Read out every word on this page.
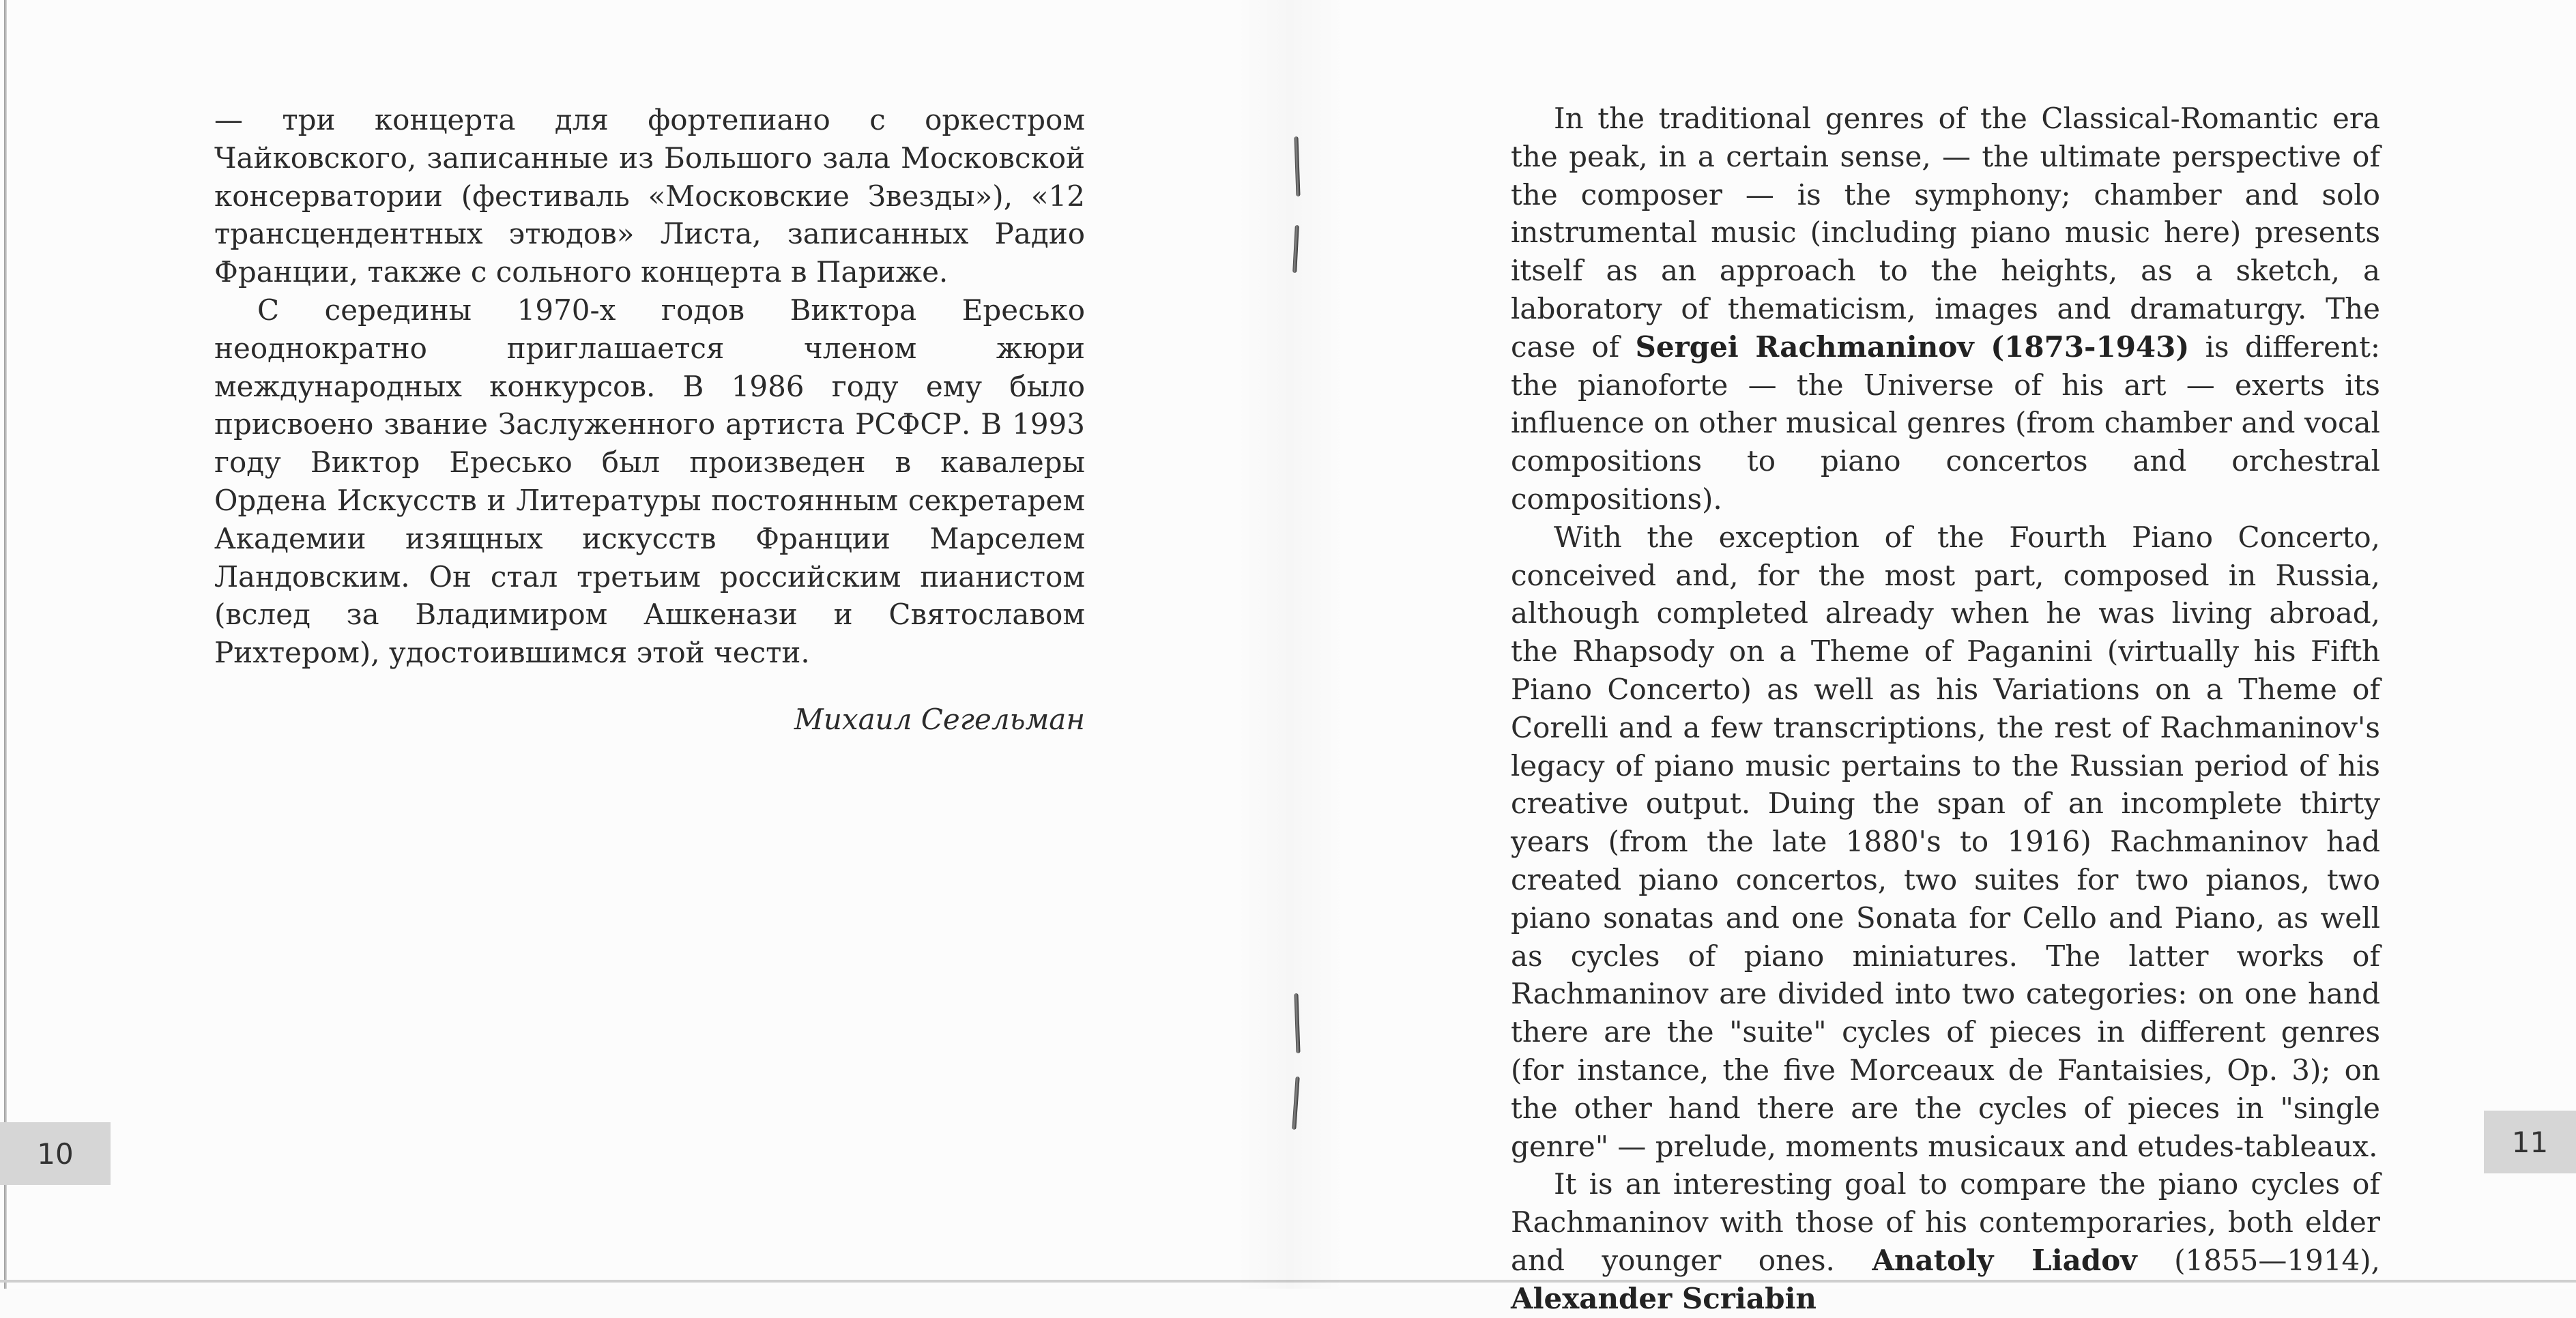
— три концерта для фортепиано с оркестром Чайковского, записанные из Большого зала Московской консерватории (фестиваль «Московские Звезды»), «12 трансцендентных этюдов» Листа, записанных Радио Франции, также с сольного концерта в Париже.

С середины 1970-х годов Виктора Ересько неоднократно приглашается членом жюри международных конкурсов. В 1986 году ему было присвоено звание Заслуженного артиста РСФСР. В 1993 году Виктор Ересько был произведен в кавалеры Ордена Искусств и Литературы постоянным секретарем Академии изящных искусств Франции Марселем Ландовским. Он стал третьим российским пианистом (вслед за Владимиром Ашкенази и Святославом Рихтером), удостоившимся этой чести.

Михаил Сегельман

In the traditional genres of the Classical-Romantic era the peak, in a certain sense, — the ultimate perspective of the composer — is the symphony; chamber and solo instrumental music (including piano music here) presents itself as an approach to the heights, as a sketch, a laboratory of thematicism, images and dramaturgy. The case of Sergei Rachmaninov (1873-1943) is different: the pianoforte — the Universe of his art — exerts its influence on other musical genres (from chamber and vocal compositions to piano concertos and orchestral compositions).

With the exception of the Fourth Piano Concerto, conceived and, for the most part, composed in Russia, although completed already when he was living abroad, the Rhapsody on a Theme of Paganini (virtually his Fifth Piano Concerto) as well as his Variations on a Theme of Corelli and a few transcriptions, the rest of Rachmaninov's legacy of piano music pertains to the Russian period of his creative output. Duing the span of an incomplete thirty years (from the late 1880's to 1916) Rachmaninov had created piano concertos, two suites for two pianos, two piano sonatas and one Sonata for Cello and Piano, as well as cycles of piano miniatures. The latter works of Rachmaninov are divided into two categories: on one hand there are the "suite" cycles of pieces in different genres (for instance, the five Morceaux de Fantaisies, Op. 3); on the other hand there are the cycles of pieces in "single genre" — prelude, moments musicaux and etudes-tableaux.

It is an interesting goal to compare the piano cycles of Rachmaninov with those of his contemporaries, both elder and younger ones. Anatoly Liadov (1855—1914), Alexander Scriabin

10	11
